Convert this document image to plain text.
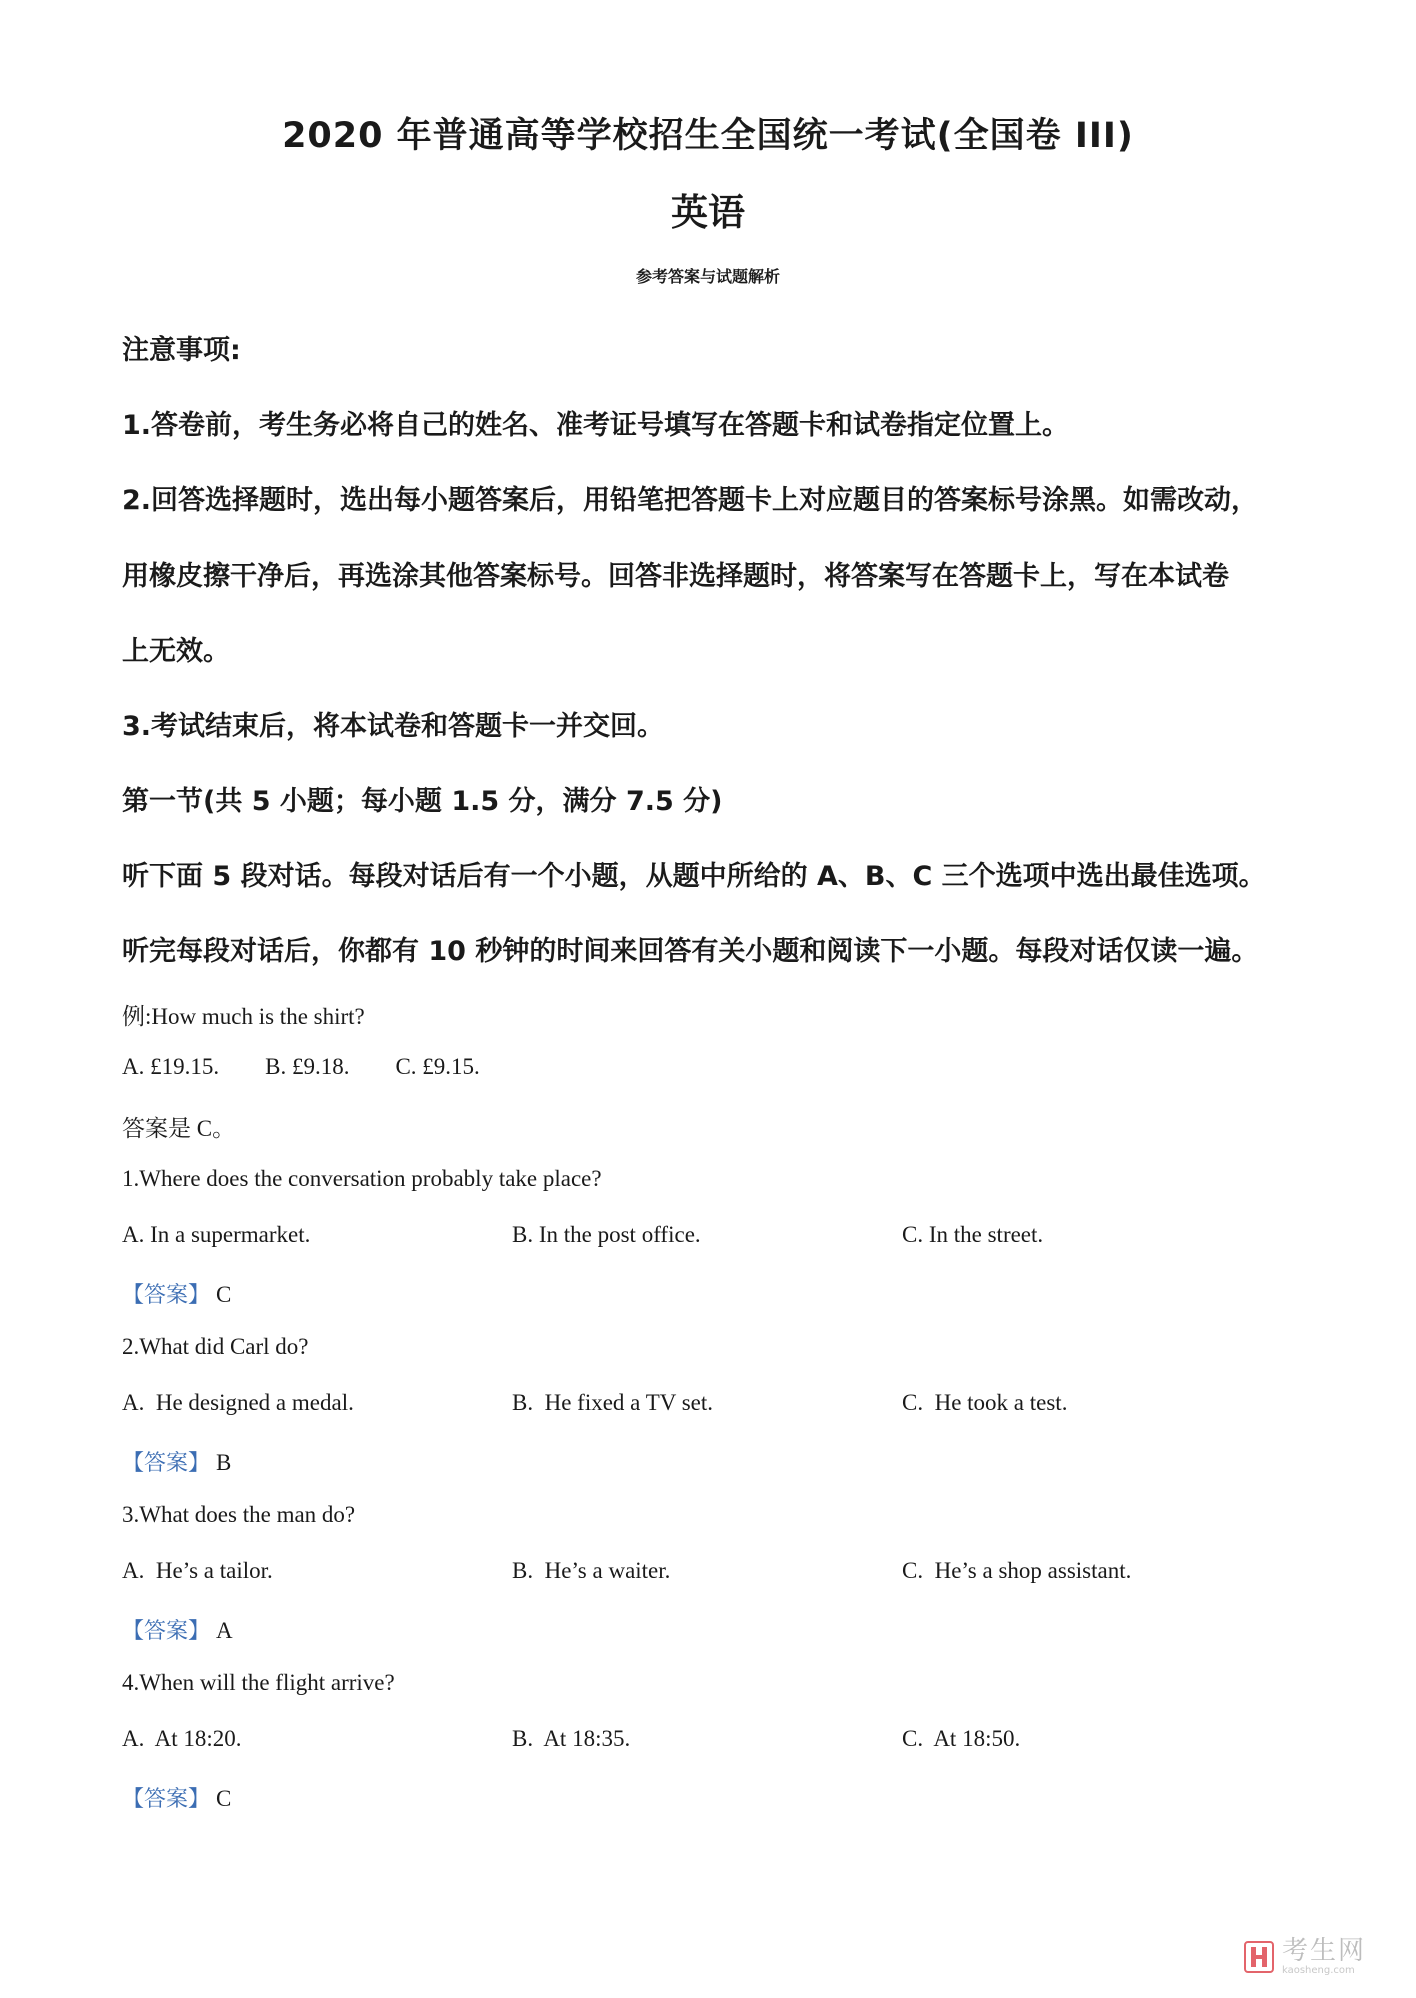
2020 年普通高等学校招生全国统一考试(全国卷 III)
英语
参考答案与试题解析
注意事项:
1.答卷前，考生务必将自己的姓名、准考证号填写在答题卡和试卷指定位置上。
2.回答选择题时，选出每小题答案后，用铅笔把答题卡上对应题目的答案标号涂黑。如需改动，
用橡皮擦干净后，再选涂其他答案标号。回答非选择题时，将答案写在答题卡上，写在本试卷
上无效。
3.考试结束后，将本试卷和答题卡一并交回。
第一节(共 5 小题；每小题 1.5 分，满分 7.5 分)
听下面 5 段对话。每段对话后有一个小题，从题中所给的 A、B、C 三个选项中选出最佳选项。
听完每段对话后，你都有 10 秒钟的时间来回答有关小题和阅读下一小题。每段对话仅读一遍。
例:How much is the shirt?
A. £19.15.        B. £9.18.        C. £9.15.
答案是 C。
1.Where does the conversation probably take place?
A. In a supermarket.	B. In the post office.	C. In the street.
【答案】 C
2.What did Carl do?
A.  He designed a medal.	B.  He fixed a TV set.	C.  He took a test.
【答案】 B
3.What does the man do?
A.  He’s a tailor.	B.  He’s a waiter.	C.  He’s a shop assistant.
【答案】 A
4.When will the flight arrive?
A.  At 18:20.	B.  At 18:35.	C.  At 18:50.
【答案】 C
考生网
kaosheng.com
